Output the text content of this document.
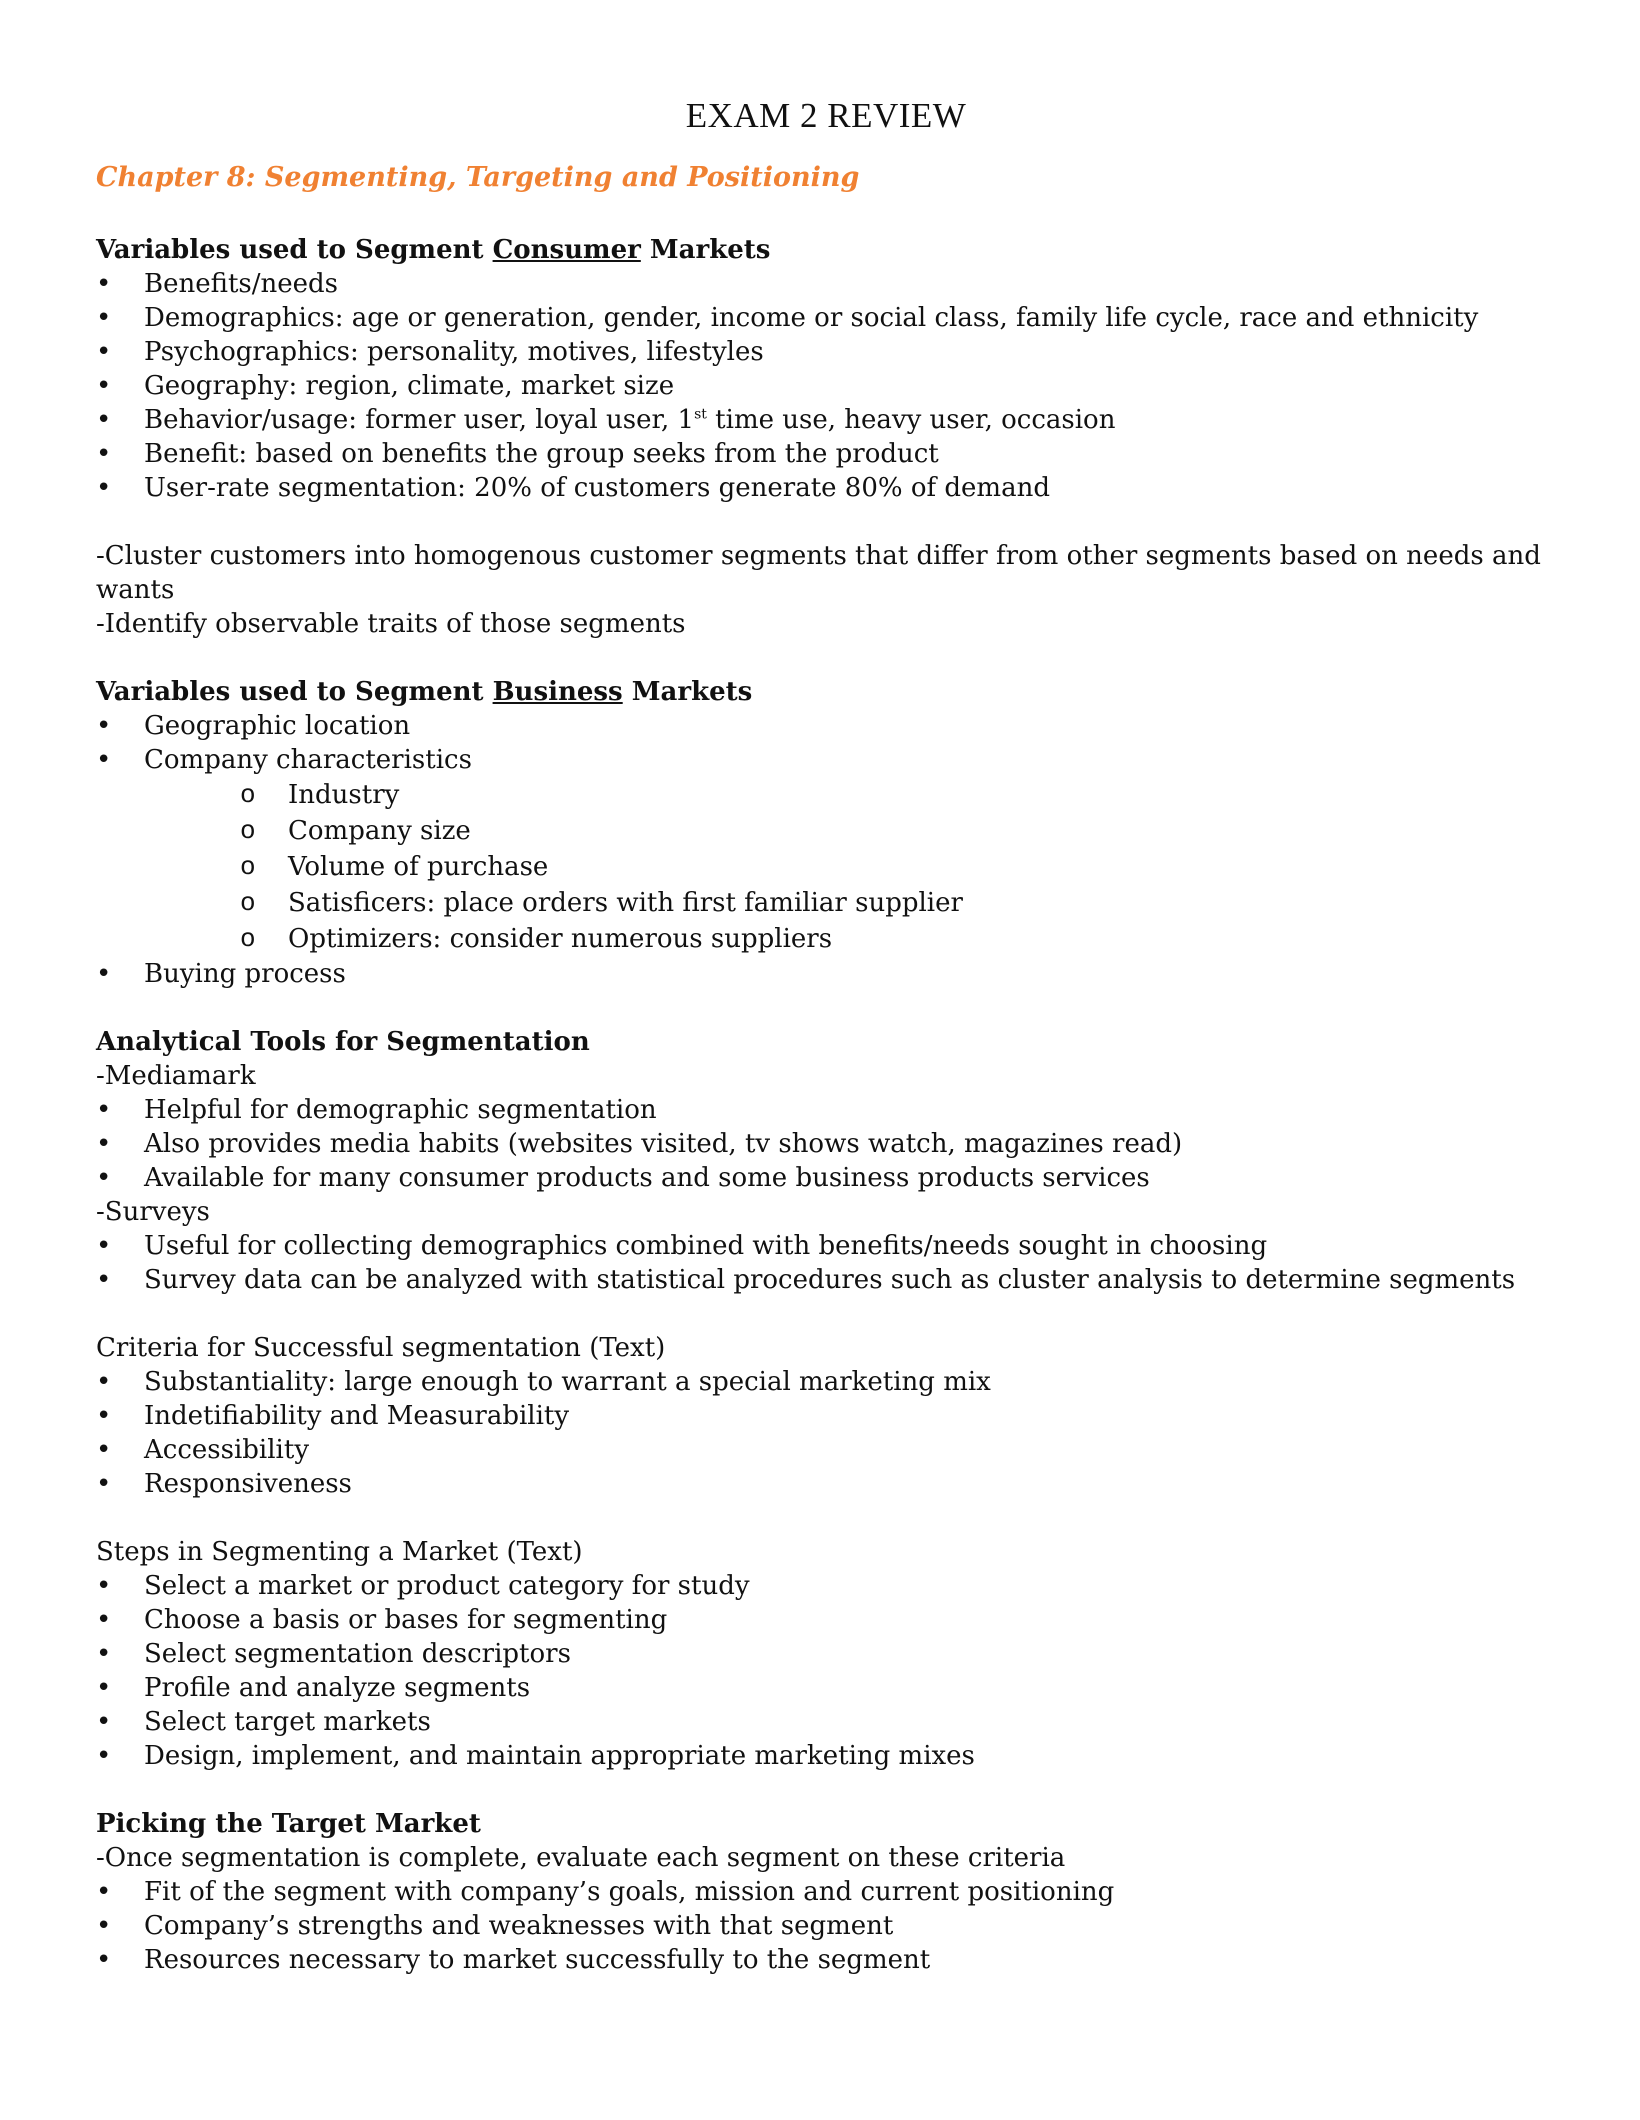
EXAM 2 REVIEW
Chapter 8: Segmenting, Targeting and Positioning

Variables used to Segment Consumer Markets

• Benefits/needs
• Demographics: age or generation, gender, income or social class, family life cycle, race and ethnicity
• Psychographics: personality, motives, lifestyles
• Geography: region, climate, market size
• Behavior/usage: former user, loyal user, 1st time use, heavy user, occasion
• Benefit: based on benefits the group seeks from the product
• User-rate segmentation: 20% of customers generate 80% of demand

-Cluster customers into homogenous customer segments that differ from other segments based on needs and wants

-Identify observable traits of those segments

Variables used to Segment Business Markets

• Geographic location
• Company characteristics
o Industry
o Company size
o Volume of purchase
o Satisficers: place orders with first familiar supplier
o Optimizers: consider numerous suppliers
• Buying process

Analytical Tools for Segmentation

-Mediamark

• Helpful for demographic segmentation
• Also provides media habits (websites visited, tv shows watch, magazines read)
• Available for many consumer products and some business products services

-Surveys

• Useful for collecting demographics combined with benefits/needs sought in choosing
• Survey data can be analyzed with statistical procedures such as cluster analysis to determine segments

Criteria for Successful segmentation (Text)

• Substantiality: large enough to warrant a special marketing mix
• Indetifiability and Measurability
• Accessibility
• Responsiveness

Steps in Segmenting a Market (Text)

• Select a market or product category for study
• Choose a basis or bases for segmenting
• Select segmentation descriptors
• Profile and analyze segments
• Select target markets
• Design, implement, and maintain appropriate marketing mixes

Picking the Target Market

-Once segmentation is complete, evaluate each segment on these criteria

• Fit of the segment with company’s goals, mission and current positioning
• Company’s strengths and weaknesses with that segment
• Resources necessary to market successfully to the segment
